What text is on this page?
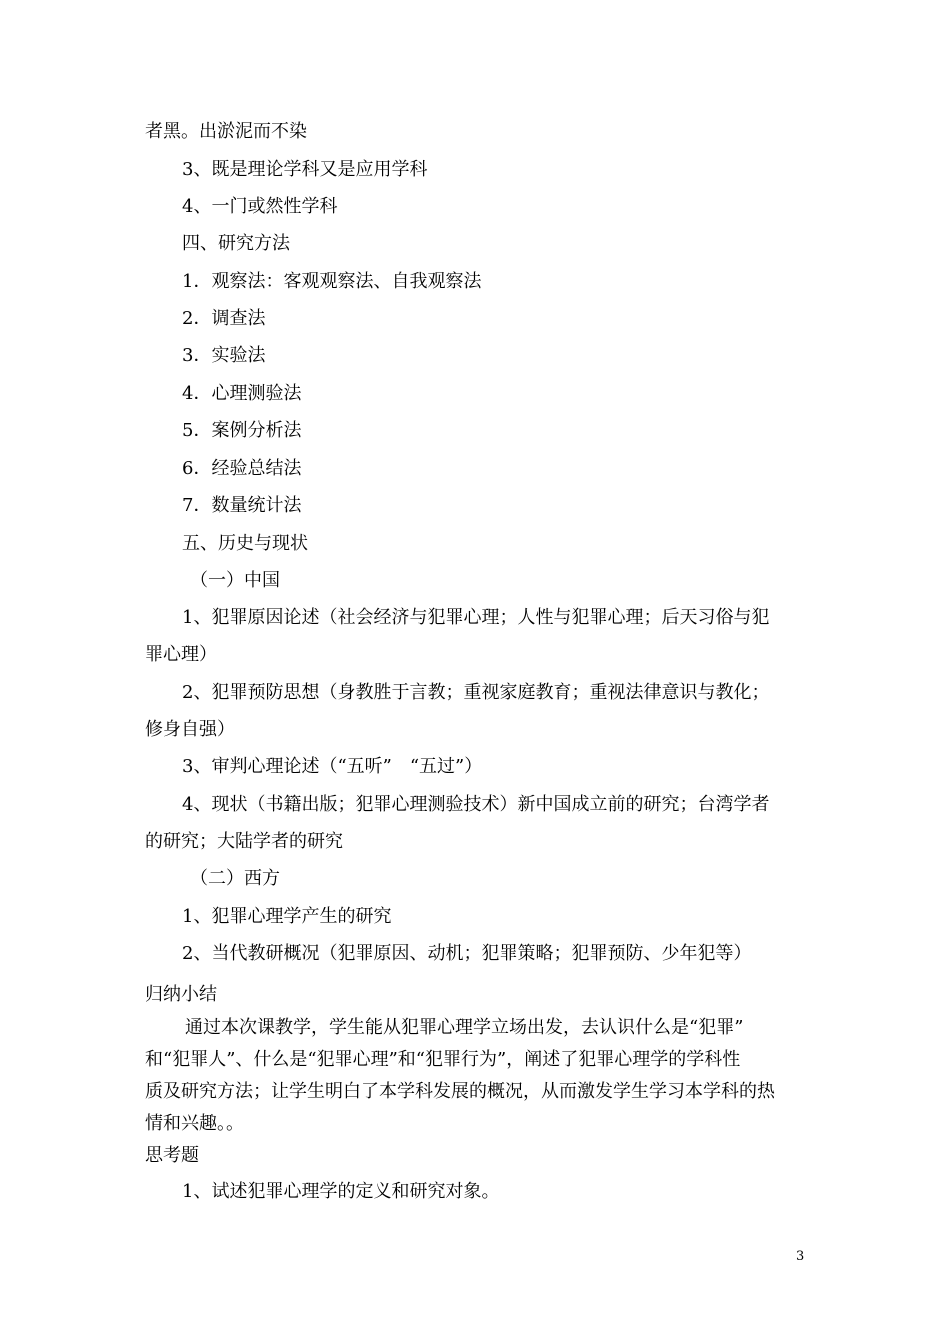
者黑。出淤泥而不染
3、既是理论学科又是应用学科
4、一门或然性学科
四、研究方法
1．观察法：客观观察法、自我观察法
2．调查法
3．实验法
4．心理测验法
5．案例分析法
6．经验总结法
7．数量统计法
五、历史与现状
（一）中国
1、犯罪原因论述（社会经济与犯罪心理；人性与犯罪心理；后天习俗与犯
罪心理）
2、犯罪预防思想（身教胜于言教；重视家庭教育；重视法律意识与教化；
修身自强）
3、审判心理论述（“五听”　“五过”）
4、现状（书籍出版；犯罪心理测验技术）新中国成立前的研究；台湾学者
的研究；大陆学者的研究
（二）西方
1、犯罪心理学产生的研究
2、当代教研概况（犯罪原因、动机；犯罪策略；犯罪预防、少年犯等）
归纳小结
通过本次课教学，学生能从犯罪心理学立场出发，去认识什么是“犯罪”
和“犯罪人”、什么是“犯罪心理”和“犯罪行为”，阐述了犯罪心理学的学科性
质及研究方法；让学生明白了本学科发展的概况，从而激发学生学习本学科的热
情和兴趣。。
思考题
1、试述犯罪心理学的定义和研究对象。
3
